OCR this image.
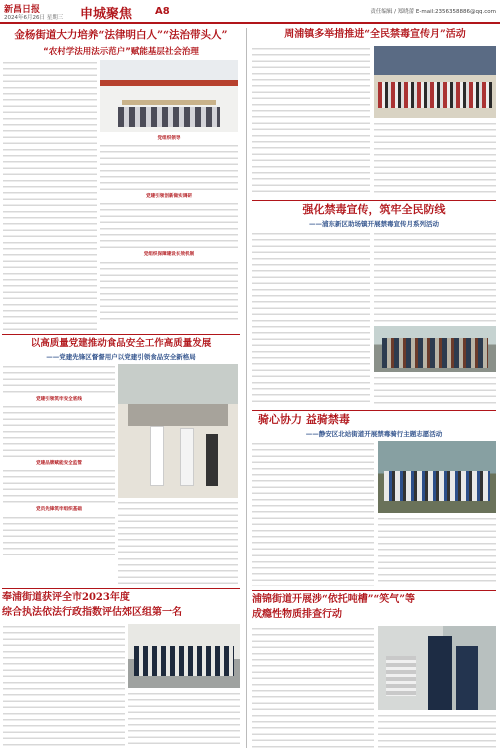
新昌日报
2024年6月26日 星期三 申城聚焦 A8	责任编辑 / 郑晓蕾 E-mail:2356358886@qq.com
金杨街道大力培养“法律明白人”“法治带头人”
“农村学法用法示范户”赋能基层社会治理
党组织领导
党建引领创新做实调研
党组织保障建设长效机制
以高质量党建推动食品安全工作高质量发展
——党建先锋区督督用户以党建引领食品安全新格局
党建引领筑牢安全底线
党建品牌赋能安全监管
党员先锋筑牢组织基础
奉浦街道获评全市2023年度
综合执法依法行政指数评估郊区组第一名
周浦镇多举措推进“全民禁毒宣传月”活动
强化禁毒宣传，筑牢全民防线
——浦东新区助场镇开展禁毒宣传月系列活动
骑心协力 益骑禁毒
——静安区北站街道开展禁毒骑行主题志愿活动
浦锦街道开展涉“依托吨槽”“笑气”等
成瘾性物质排查行动
